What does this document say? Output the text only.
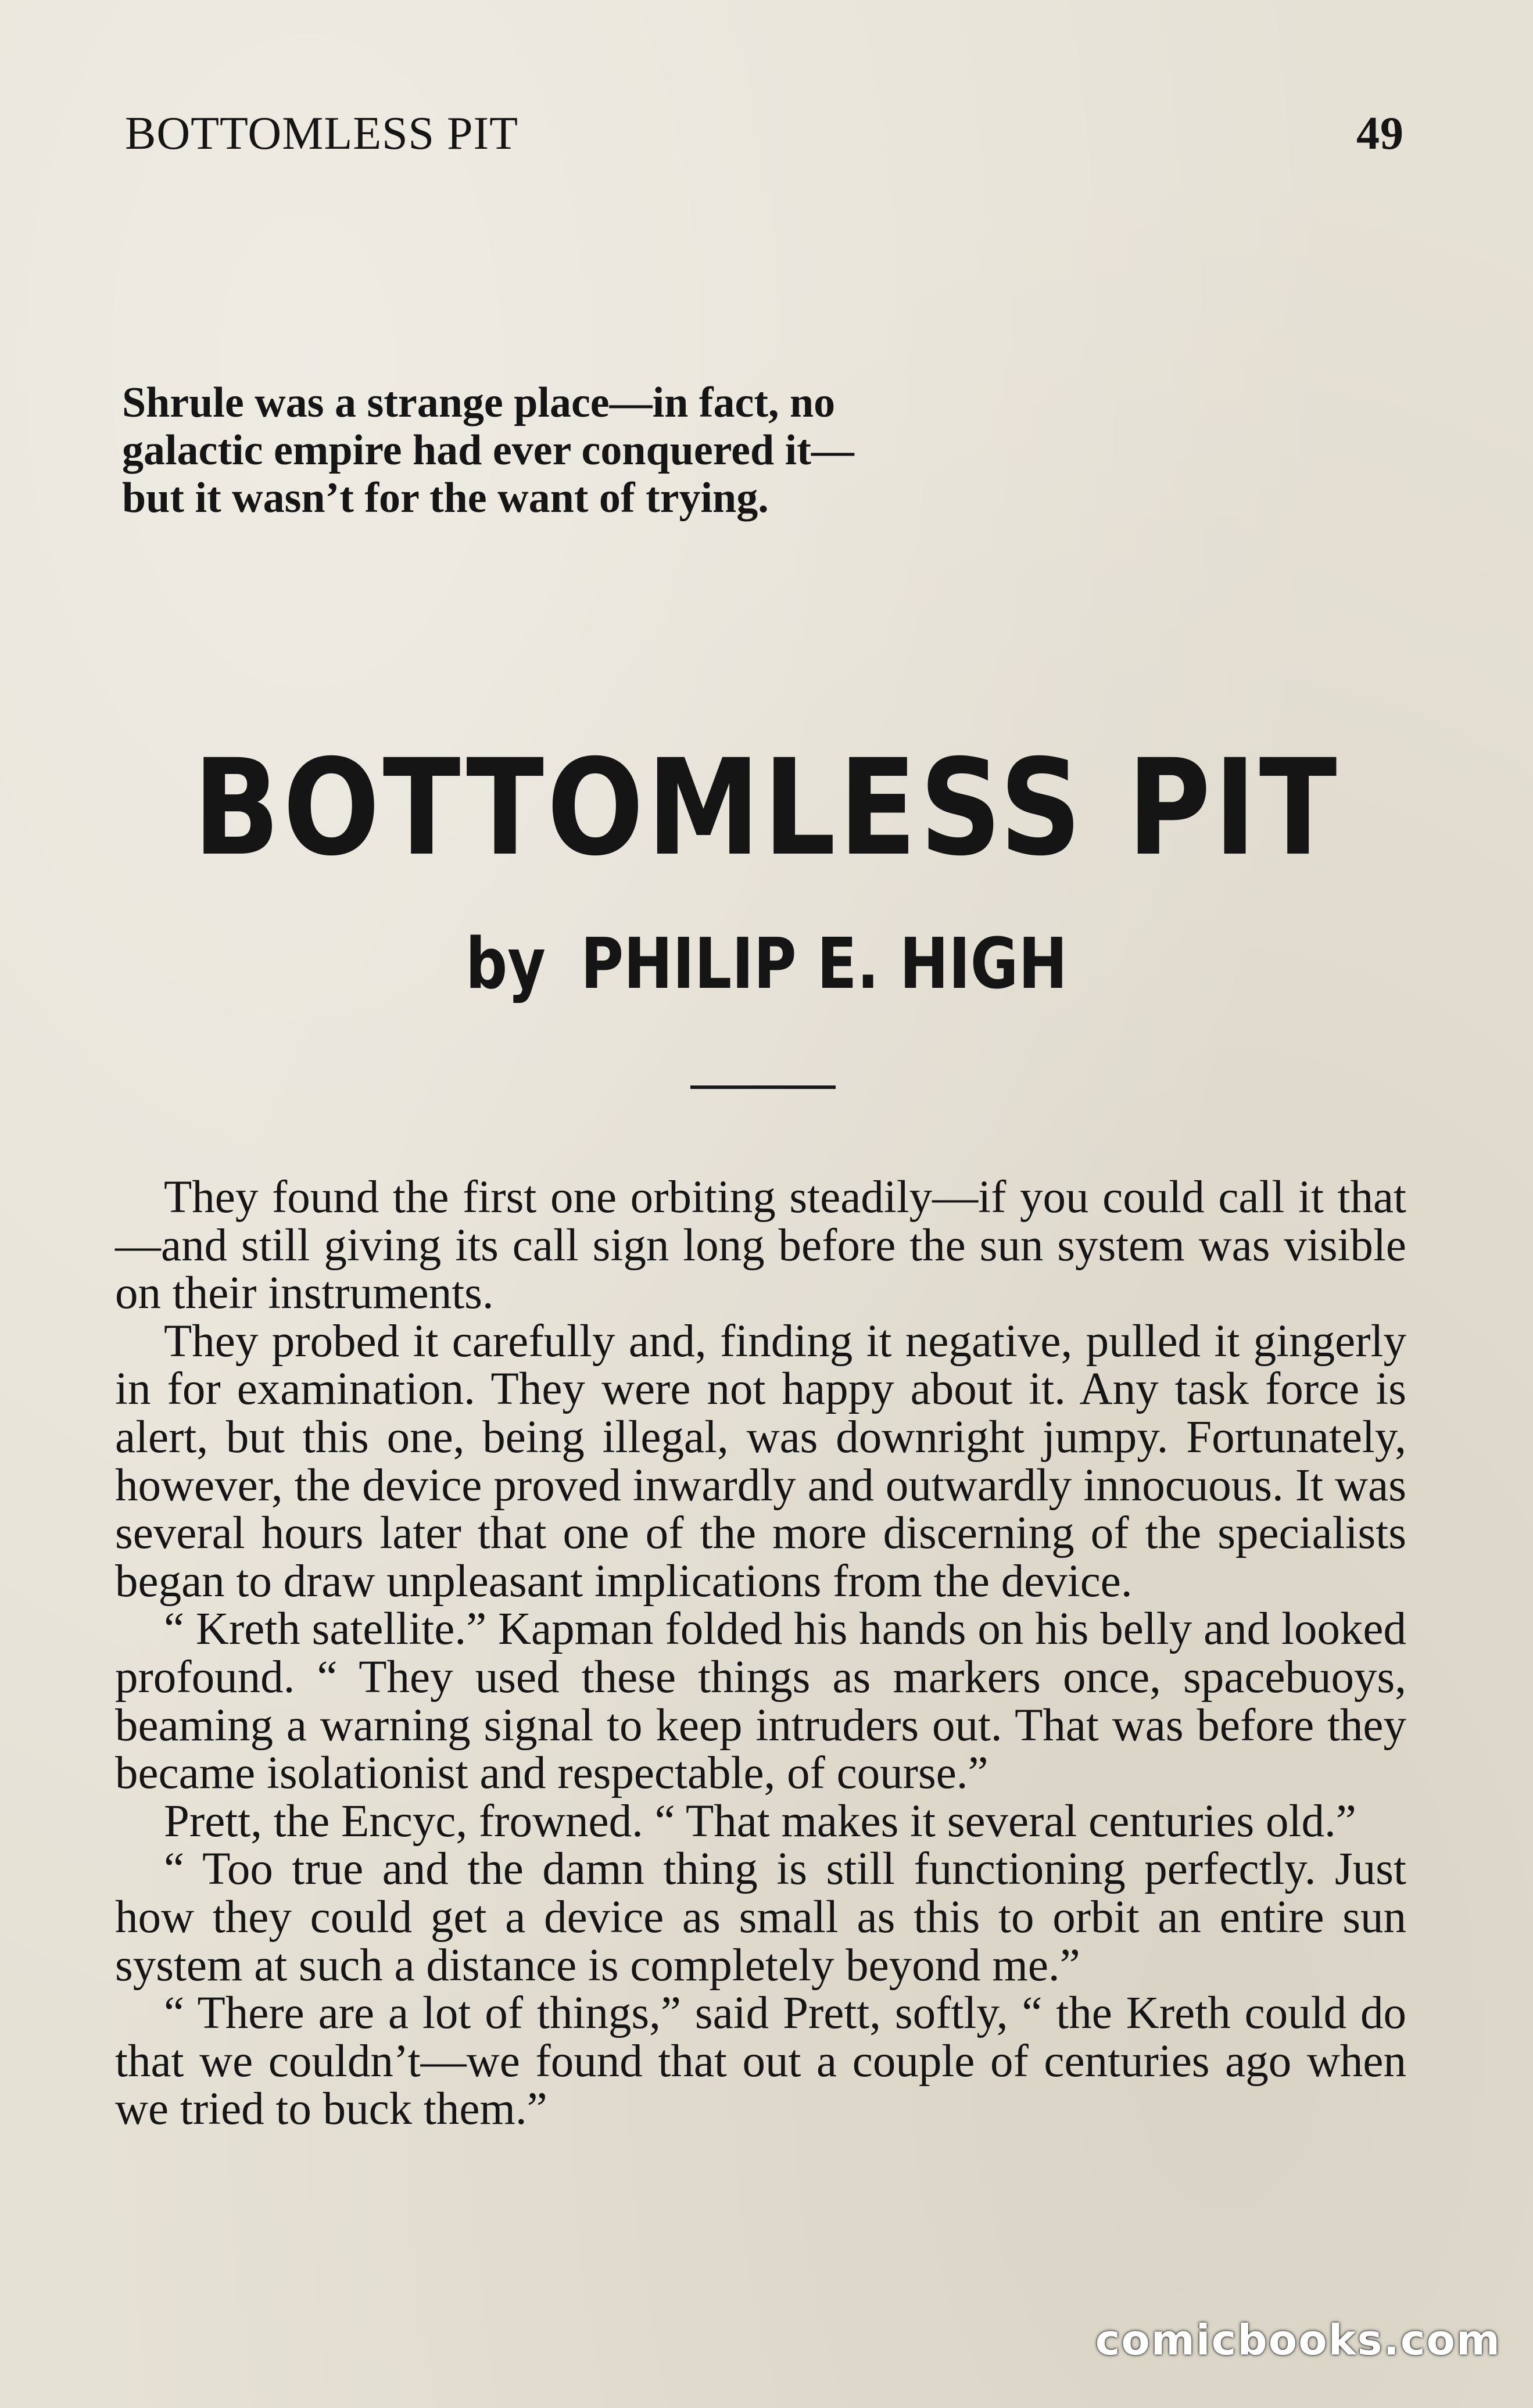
BOTTOMLESS PIT	49
Shrule was a strange place—in fact, no
galactic empire had ever conquered it—
but it wasn’t for the want of trying.
BOTTOMLESS PIT
by PHILIP E. HIGH

They found the first one orbiting steadily—if you could call it that—and still giving its call sign long before the sun system was visible on their instruments.

They probed it carefully and, finding it negative, pulled it gingerly in for examination. They were not happy about it. Any task force is alert, but this one, being illegal, was downright jumpy. Fortunately, however, the device proved inwardly and outwardly innocuous. It was several hours later that one of the more discerning of the specialists began to draw unpleasant implications from the device.

“ Kreth satellite.” Kapman folded his hands on his belly and looked profound. “ They used these things as markers once, spacebuoys, beaming a warning signal to keep intruders out. That was before they became isolationist and respectable, of course.”

Prett, the Encyc, frowned. “ That makes it several centuries old.”

“ Too true and the damn thing is still functioning perfectly. Just how they could get a device as small as this to orbit an entire sun system at such a distance is completely beyond me.”

“ There are a lot of things,” said Prett, softly, “ the Kreth could do that we couldn’t—we found that out a couple of centuries ago when we tried to buck them.”

comicbooks.com
